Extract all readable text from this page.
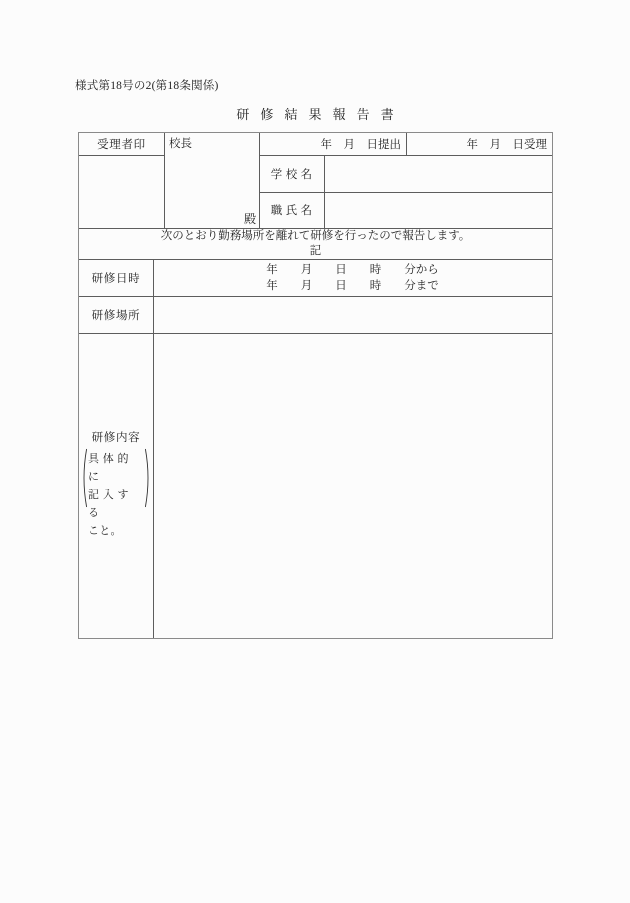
様式第18号の2(第18条関係)
研修結果報告書
受理者印	校長
殿
年　月　日提出	年　月　日受理
学校名
職氏名
次のとおり勤務場所を離れて研修を行ったので報告します。
記
研修日時
年　　月　　日　　時　　分から
年　　月　　日　　時　　分まで
研修場所
研修内容
具体的に
記入する
こと。
